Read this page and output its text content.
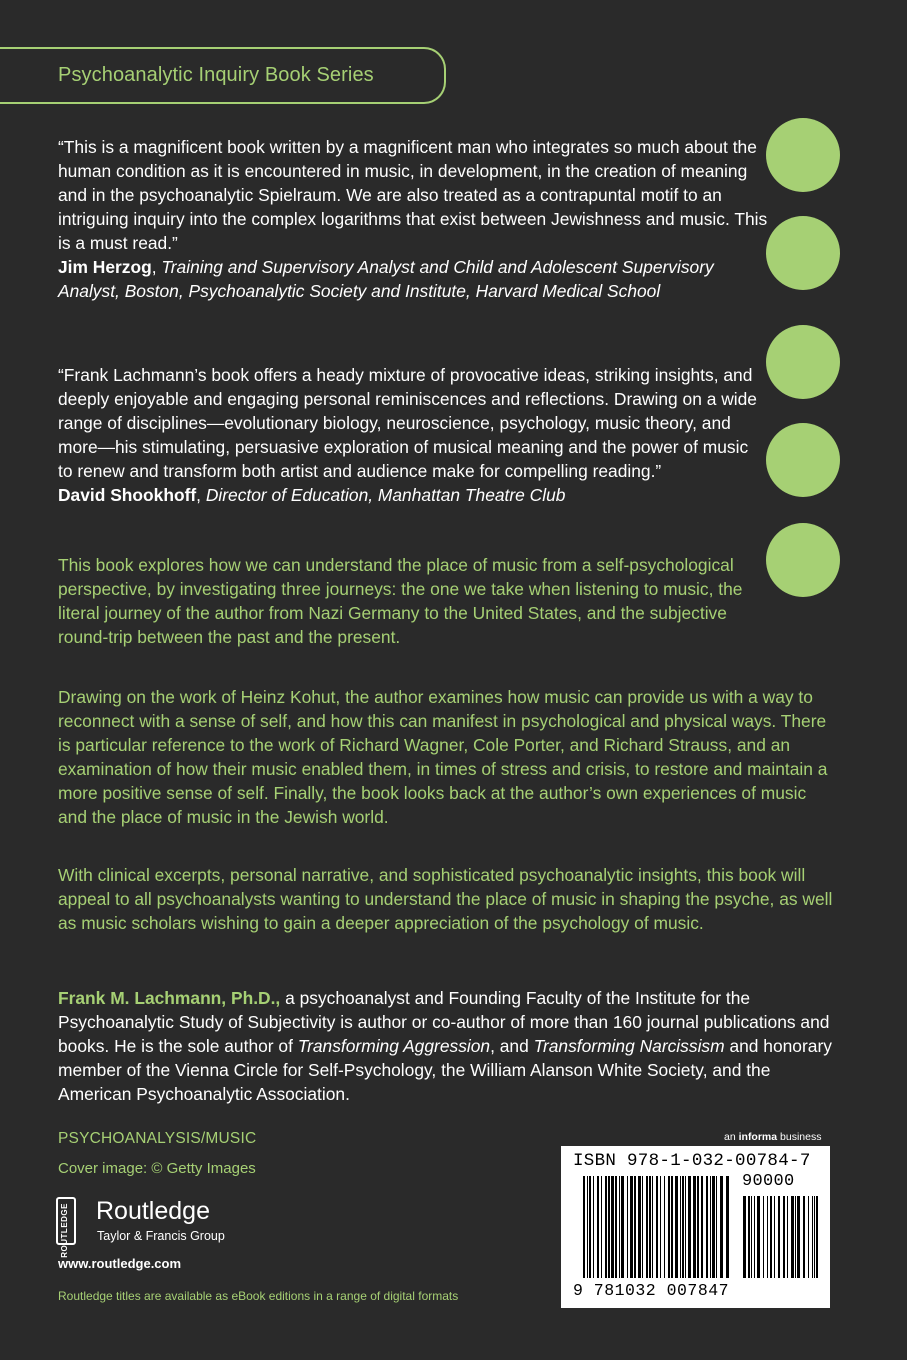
Psychoanalytic Inquiry Book Series
“This is a magnificent book written by a magnificent man who integrates so much about the human condition as it is encountered in music, in development, in the creation of meaning and in the psychoanalytic Spielraum. We are also treated as a contrapuntal motif to an intriguing inquiry into the complex logarithms that exist between Jewishness and music. This is a must read.”
Jim Herzog, Training and Supervisory Analyst and Child and Adolescent Supervisory Analyst, Boston, Psychoanalytic Society and Institute, Harvard Medical School
“Frank Lachmann’s book offers a heady mixture of provocative ideas, striking insights, and deeply enjoyable and engaging personal reminiscences and reflections. Drawing on a wide range of disciplines—evolutionary biology, neuroscience, psychology, music theory, and more—his stimulating, persuasive exploration of musical meaning and the power of music to renew and transform both artist and audience make for compelling reading.”
David Shookhoff, Director of Education, Manhattan Theatre Club
This book explores how we can understand the place of music from a self-psychological perspective, by investigating three journeys: the one we take when listening to music, the literal journey of the author from Nazi Germany to the United States, and the subjective round-trip between the past and the present.
Drawing on the work of Heinz Kohut, the author examines how music can provide us with a way to reconnect with a sense of self, and how this can manifest in psychological and physical ways. There is particular reference to the work of Richard Wagner, Cole Porter, and Richard Strauss, and an examination of how their music enabled them, in times of stress and crisis, to restore and maintain a more positive sense of self. Finally, the book looks back at the author’s own experiences of music and the place of music in the Jewish world.
With clinical excerpts, personal narrative, and sophisticated psychoanalytic insights, this book will appeal to all psychoanalysts wanting to understand the place of music in shaping the psyche, as well as music scholars wishing to gain a deeper appreciation of the psychology of music.
Frank M. Lachmann, Ph.D., a psychoanalyst and Founding Faculty of the Institute for the Psychoanalytic Study of Subjectivity is author or co-author of more than 160 journal publications and books. He is the sole author of Transforming Aggression, and Transforming Narcissism and honorary member of the Vienna Circle for Self-Psychology, the William Alanson White Society, and the American Psychoanalytic Association.
PSYCHOANALYSIS/MUSIC
Cover image: © Getty Images
ROUTLEDGE Routledge
Taylor & Francis Group
www.routledge.com
Routledge titles are available as eBook editions in a range of digital formats
an informa business
ISBN 978-1-032-00784-7
90000
9 781032 007847
